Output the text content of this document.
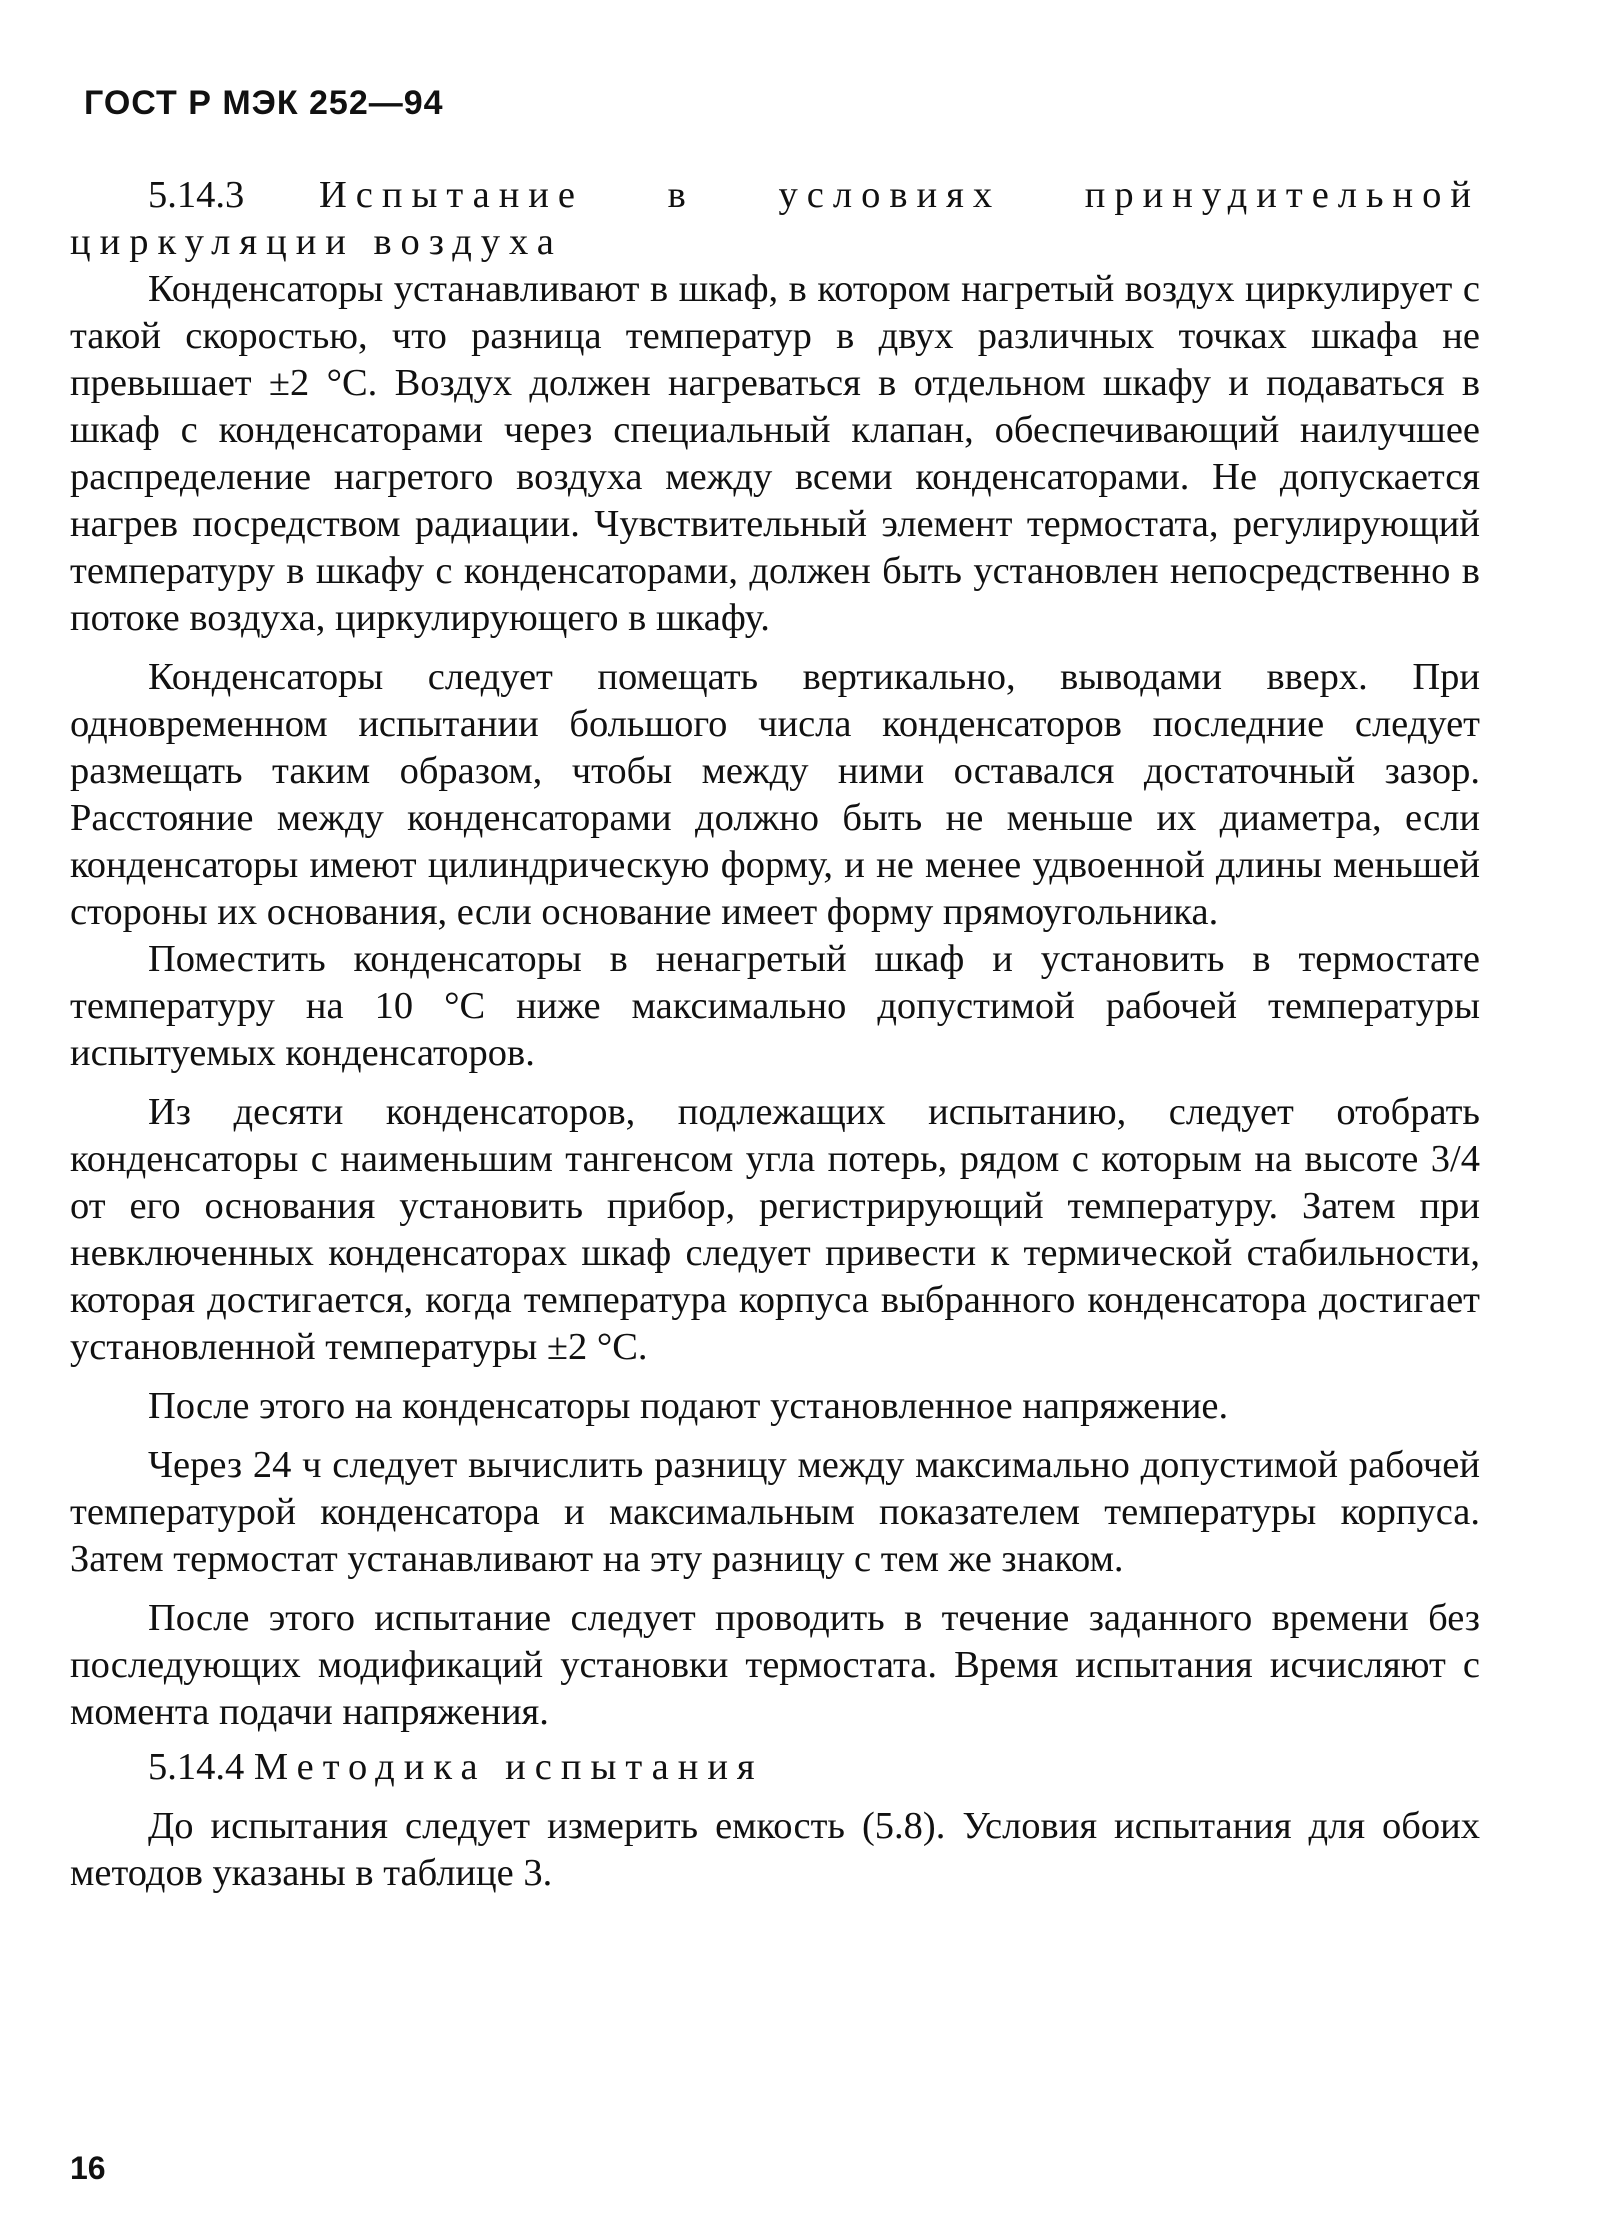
ГОСТ Р МЭК 252—94
5.14.3 Испытание в условиях принудительной циркуляции воздуха

Конденсаторы устанавливают в шкаф, в котором нагретый воздух циркулирует с такой скоростью, что разница температур в двух различных точках шкафа не превышает ±2 °С. Воздух должен нагреваться в отдельном шкафу и подаваться в шкаф с конденсаторами через специальный клапан, обеспечивающий наилучшее распределение нагретого воздуха между всеми конденсаторами. Не допускается нагрев посредством радиации. Чувствительный элемент термостата, регулирующий температуру в шкафу с конденсаторами, должен быть установлен непосредственно в потоке воздуха, циркулирующего в шкафу.

Конденсаторы следует помещать вертикально, выводами вверх. При одновременном испытании большого числа конденсаторов последние следует размещать таким образом, чтобы между ними оставался достаточный зазор. Расстояние между конденсаторами должно быть не меньше их диаметра, если конденсаторы имеют цилиндрическую форму, и не менее удвоенной длины меньшей стороны их основания, если основание имеет форму прямоугольника.

Поместить конденсаторы в ненагретый шкаф и установить в термостате температуру на 10 °С ниже максимально допустимой рабочей температуры испытуемых конденсаторов.

Из десяти конденсаторов, подлежащих испытанию, следует отобрать конденсаторы с наименьшим тангенсом угла потерь, рядом с которым на высоте 3/4 от его основания установить прибор, регистрирующий температуру. Затем при невключенных конденсаторах шкаф следует привести к термической стабильности, которая достигается, когда температура корпуса выбранного конденсатора достигает установленной температуры ±2 °С.

После этого на конденсаторы подают установленное напряжение.

Через 24 ч следует вычислить разницу между максимально допустимой рабочей температурой конденсатора и максимальным показателем температуры корпуса. Затем термостат устанавливают на эту разницу с тем же знаком.

После этого испытание следует проводить в течение заданного времени без последующих модификаций установки термостата. Время испытания исчисляют с момента подачи напряжения.

5.14.4 Методика испытания

До испытания следует измерить емкость (5.8). Условия испытания для обоих методов указаны в таблице 3.

16
